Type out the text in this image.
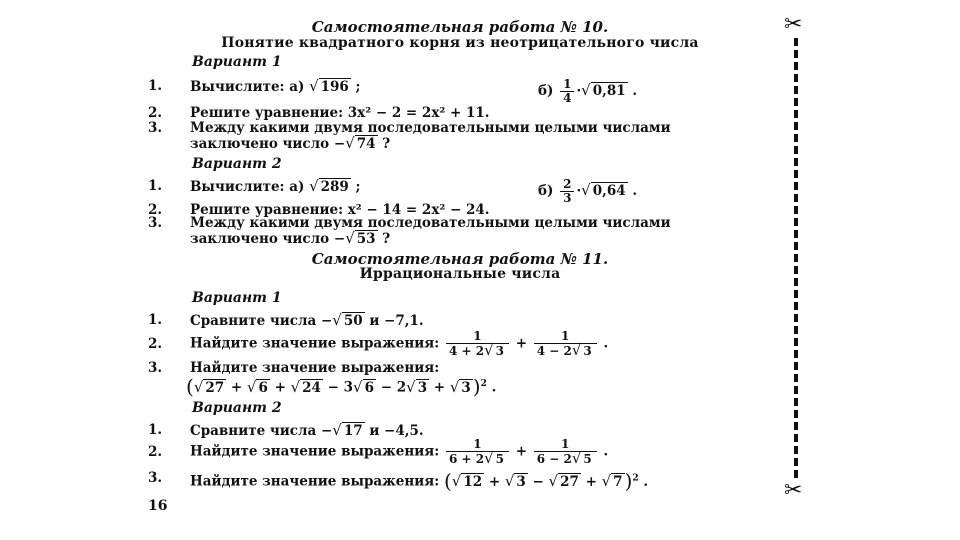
Самостоятельная работа № 10.
Понятие квадратного корня из неотрицательного числа
Вариант 1
1. Вычислите: а) √ 196 ;	$б) \frac{1}{4}$ ·√ 0,81 .
2. Решите уравнение: 3x² − 2 = 2x² + 11.
3. Между какими двумя последовательными целыми числами
заключено число −√ 74 ?
Вариант 2
1. Вычислите: а) √ 289 ;	$б) \frac{2}{3}$ ·√ 0,64 .
2. Решите уравнение: x² − 14 = 2x² − 24.
3. Между какими двумя последовательными целыми числами
заключено число −√ 53 ?
Самостоятельная работа № 11.
Иррациональные числа
Вариант 1
1. Сравните числа −√ 50 и −7,1.
2. Найдите значение выражения: $\frac{1}{4 + 2√ 3} + \frac{1}{4 - 2√ 3}$ .
3. Найдите значение выражения:
(√ 27 + √ 6 + √ 24 − 3√ 6 − 2√ 3 + √ 3 )$^2$ .
Вариант 2
1. Сравните числа −√ 17 и −4,5.
2. Найдите значение выражения: $\frac{1}{6 + 2√ 5} + \frac{1}{6 - 2√ 5}$ .
3. Найдите значение выражения: (√ 12 + √ 3 − √ 27 + √ 7 )$^2$ .
16
✂
✂
